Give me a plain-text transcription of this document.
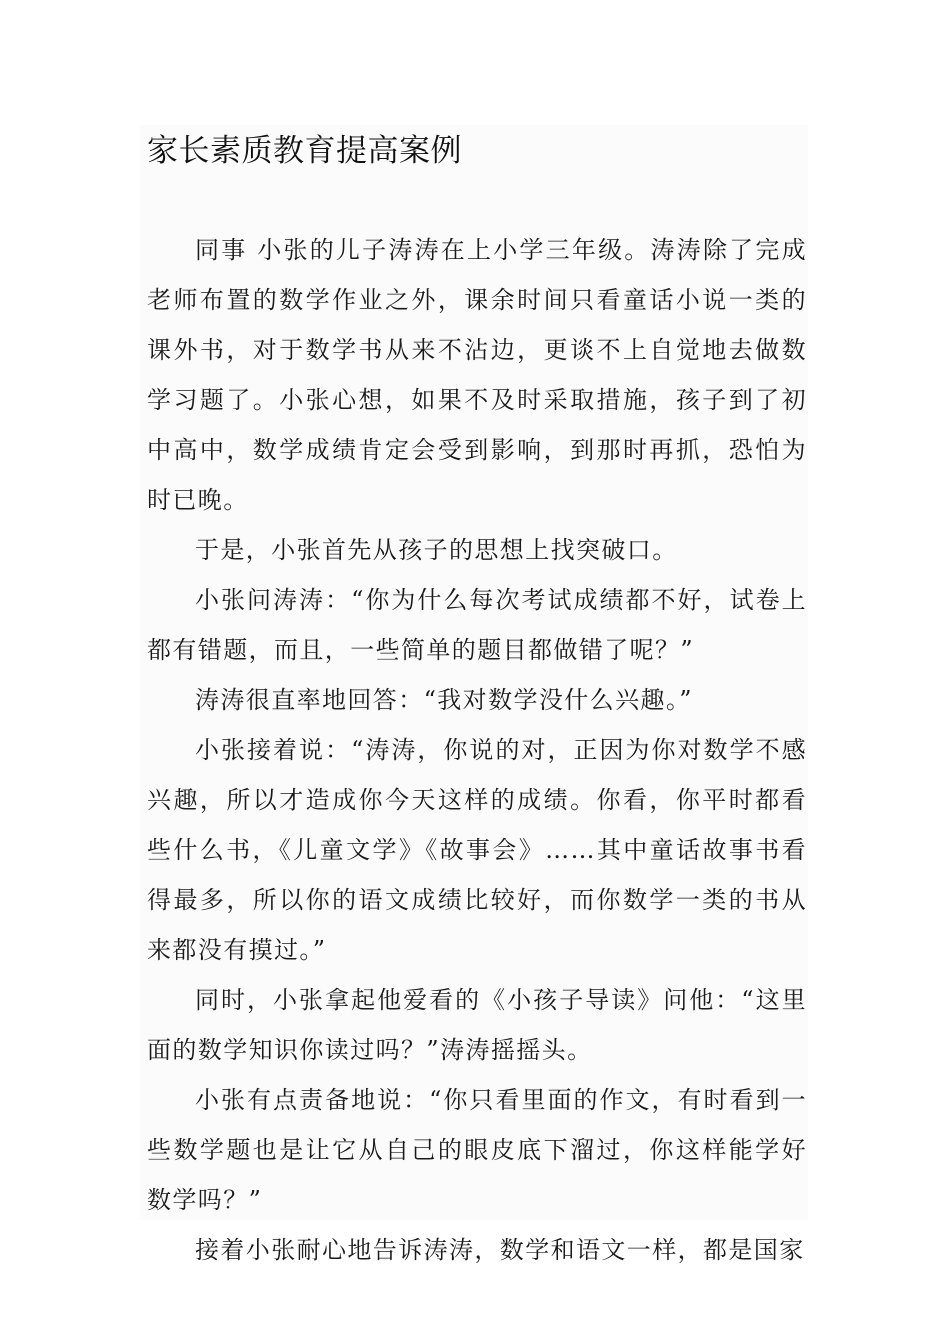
家长素质教育提高案例

同事 小张的儿子涛涛在上小学三年级。涛涛除了完成老师布置的数学作业之外，课余时间只看童话小说一类的课外书，对于数学书从来不沾边，更谈不上自觉地去做数学习题了。小张心想，如果不及时采取措施，孩子到了初中高中，数学成绩肯定会受到影响，到那时再抓，恐怕为时已晚。

于是，小张首先从孩子的思想上找突破口。

小张问涛涛：“你为什么每次考试成绩都不好，试卷上都有错题，而且，一些简单的题目都做错了呢？”

涛涛很直率地回答：“我对数学没什么兴趣。”

小张接着说：“涛涛，你说的对，正因为你对数学不感兴趣，所以才造成你今天这样的成绩。你看，你平时都看些什么书，《儿童文学》《故事会》……其中童话故事书看得最多，所以你的语文成绩比较好，而你数学一类的书从来都没有摸过。”

同时，小张拿起他爱看的《小孩子导读》问他：“这里面的数学知识你读过吗？”涛涛摇摇头。

小张有点责备地说：“你只看里面的作文，有时看到一些数学题也是让它从自己的眼皮底下溜过，你这样能学好数学吗？”

接着小张耐心地告诉涛涛，数学和语文一样，都是国家
